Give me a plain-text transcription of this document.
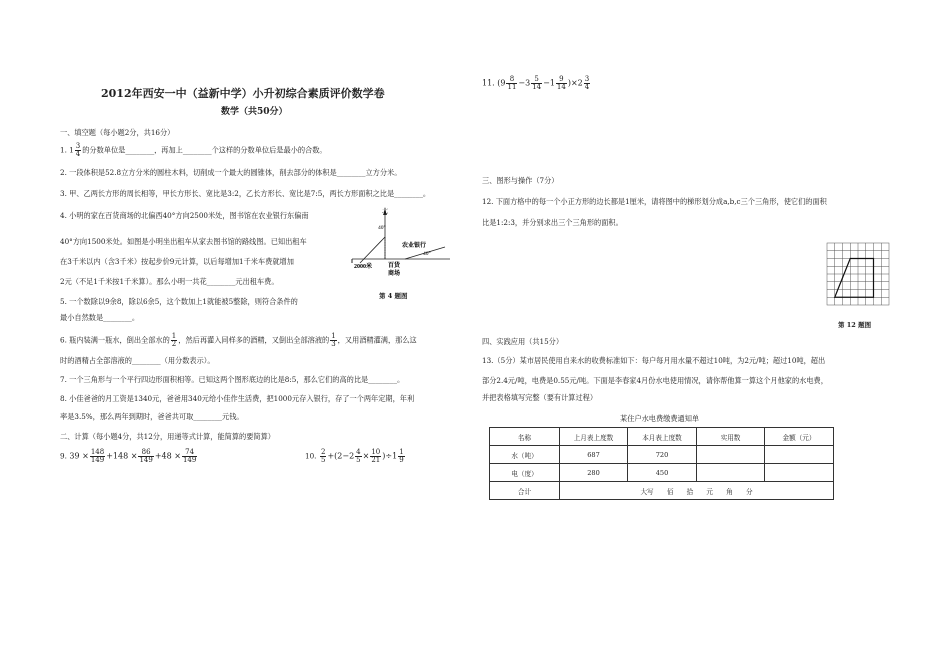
2012年西安一中（益新中学）小升初综合素质评价数学卷
数学（共50分）
一、填空题（每小题2分，共16分）
1. $1 \frac{3}{4}$ 的分数单位是________，再加上________个这样的分数单位后是最小的合数。
2. 一段体积是52.8立方分米的圆柱木料，切削成一个最大的圆锥体，削去部分的体积是________立方分米。
3. 甲、乙两长方形的周长相等，甲长方形长、宽比是3:2，乙长方形长、宽比是7:5，两长方形面积之比是________。
4. 小明的家在百货商场的北偏西40°方向2500米处，图书馆在农业银行东偏南
40°方向1500米处。如图是小明坐出租车从家去图书馆的路线图。已知出租车
在3千米以内（含3千米）按起步价9元计算，以后每增加1千米车费就增加
2元（不足1千米按1千米算）。那么小明一共花________元出租车费。
北
40°
40°
农业银行
2000米	百货
商场
第 4 题图
5. 一个数除以9余8，除以6余5，这个数加上1就能被5整除，则符合条件的
最小自然数是________。
6. 瓶内装满一瓶水，倒出全部水的 $\frac{1}{2}$ ，然后再灌入同样多的酒精，又倒出全部溶液的 $\frac{1}{3}$ ，又用酒精灌满，那么这
时的酒精占全部溶液的________（用分数表示）。
7. 一个三角形与一个平行四边形面积相等。已知这两个图形底边的比是8:5，那么它们的高的比是________。
8. 小佳爸爸的月工资是1340元，爸爸用340元给小佳作生活费，把1000元存入银行，存了一个两年定期，年利
率是3.5%，那么两年到期时，爸爸共可取________元钱。
二、计算（每小题4分，共12分，用递等式计算，能简算的要简算）
9. $39 \times \frac{148}{149} +148 \times \frac{86}{149} +48 \times \frac{74}{149}$	10. $\frac{2}{5} +(2-2 \frac{4}{5} \times \frac{10}{21} )\div 1 \frac{1}{9}$
11. $(9 \frac{8}{11} -3 \frac{5}{14} -1 \frac{9}{14} )\times 2 \frac{3}{4}$
三、图形与操作（7分）
12. 下面方格中的每一个小正方形的边长都是1厘米，请将图中的梯形划分成a,b,c三个三角形，使它们的面积
比是1:2:3，并分别求出三个三角形的面积。
第 12 题图
四、实践应用（共15分）
13.（5分）某市居民使用自来水的收费标准如下：每户每月用水量不超过10吨，为2元/吨；超过10吨，超出
部分2.4元/吨，电费是0.55元/吨。下面是李春家4月份水电使用情况，请你帮他算一算这个月他家的水电费，
并把表格填写完整（要有计算过程）
某住户水电费缴费通知单
名称	上月表上度数	本月表上度数	实用数	金额（元）
水（吨）	687	720		
电（度）	280	450		
合计	大写　　佰　　拾　　元　　角　　分			
